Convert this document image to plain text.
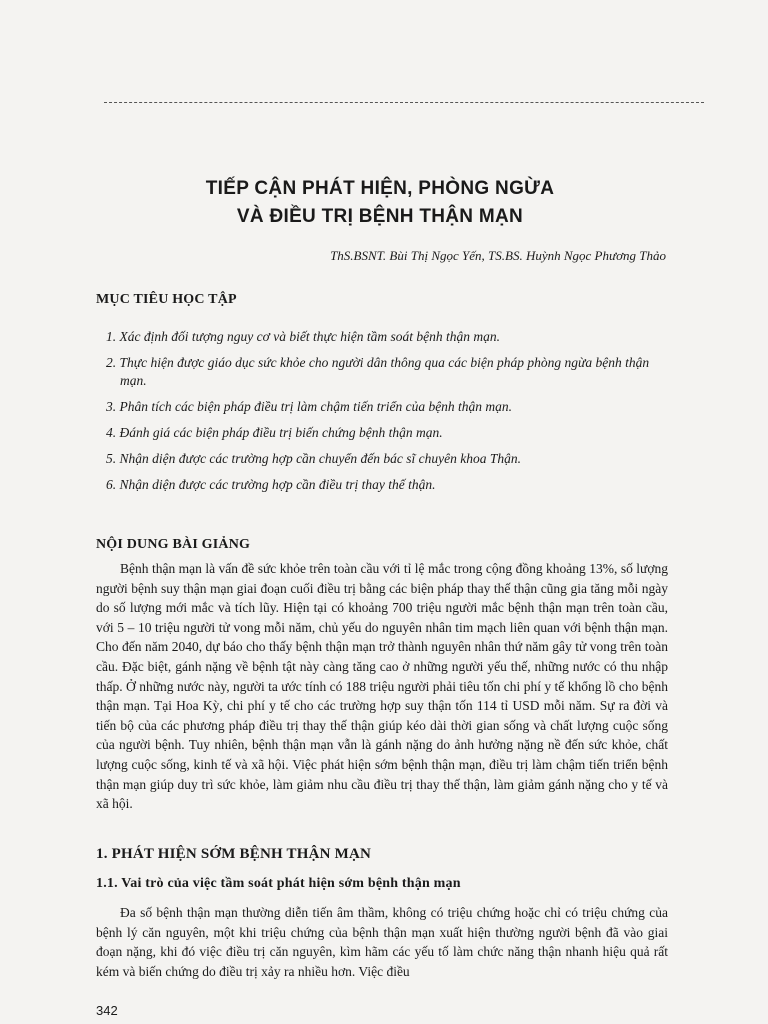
TIẾP CẬN PHÁT HIỆN, PHÒNG NGỪA
VÀ ĐIỀU TRỊ BỆNH THẬN MẠN
ThS.BSNT. Bùi Thị Ngọc Yến, TS.BS. Huỳnh Ngọc Phương Thảo
MỤC TIÊU HỌC TẬP
1. Xác định đối tượng nguy cơ và biết thực hiện tầm soát bệnh thận mạn.
2. Thực hiện được giáo dục sức khỏe cho người dân thông qua các biện pháp phòng ngừa bệnh thận mạn.
3. Phân tích các biện pháp điều trị làm chậm tiến triển của bệnh thận mạn.
4. Đánh giá các biện pháp điều trị biến chứng bệnh thận mạn.
5. Nhận diện được các trường hợp cần chuyển đến bác sĩ chuyên khoa Thận.
6. Nhận diện được các trường hợp cần điều trị thay thế thận.
NỘI DUNG BÀI GIẢNG

Bệnh thận mạn là vấn đề sức khỏe trên toàn cầu với tỉ lệ mắc trong cộng đồng khoảng 13%, số lượng người bệnh suy thận mạn giai đoạn cuối điều trị bằng các biện pháp thay thế thận cũng gia tăng mỗi ngày do số lượng mới mắc và tích lũy. Hiện tại có khoảng 700 triệu người mắc bệnh thận mạn trên toàn cầu, với 5 – 10 triệu người tử vong mỗi năm, chủ yếu do nguyên nhân tim mạch liên quan với bệnh thận mạn. Cho đến năm 2040, dự báo cho thấy bệnh thận mạn trở thành nguyên nhân thứ năm gây tử vong trên toàn cầu. Đặc biệt, gánh nặng về bệnh tật này càng tăng cao ở những người yếu thế, những nước có thu nhập thấp. Ở những nước này, người ta ước tính có 188 triệu người phải tiêu tốn chi phí y tế khổng lồ cho bệnh thận mạn. Tại Hoa Kỳ, chi phí y tế cho các trường hợp suy thận tốn 114 tỉ USD mỗi năm. Sự ra đời và tiến bộ của các phương pháp điều trị thay thế thận giúp kéo dài thời gian sống và chất lượng cuộc sống của người bệnh. Tuy nhiên, bệnh thận mạn vẫn là gánh nặng do ảnh hưởng nặng nề đến sức khỏe, chất lượng cuộc sống, kinh tế và xã hội. Việc phát hiện sớm bệnh thận mạn, điều trị làm chậm tiến triển bệnh thận mạn giúp duy trì sức khỏe, làm giảm nhu cầu điều trị thay thế thận, làm giảm gánh nặng cho y tế và xã hội.

1. PHÁT HIỆN SỚM BỆNH THẬN MẠN
1.1. Vai trò của việc tầm soát phát hiện sớm bệnh thận mạn

Đa số bệnh thận mạn thường diễn tiến âm thầm, không có triệu chứng hoặc chỉ có triệu chứng của bệnh lý căn nguyên, một khi triệu chứng của bệnh thận mạn xuất hiện thường người bệnh đã vào giai đoạn nặng, khi đó việc điều trị căn nguyên, kìm hãm các yếu tố làm chức năng thận nhanh hiệu quả rất kém và biến chứng do điều trị xảy ra nhiều hơn. Việc điều

342
